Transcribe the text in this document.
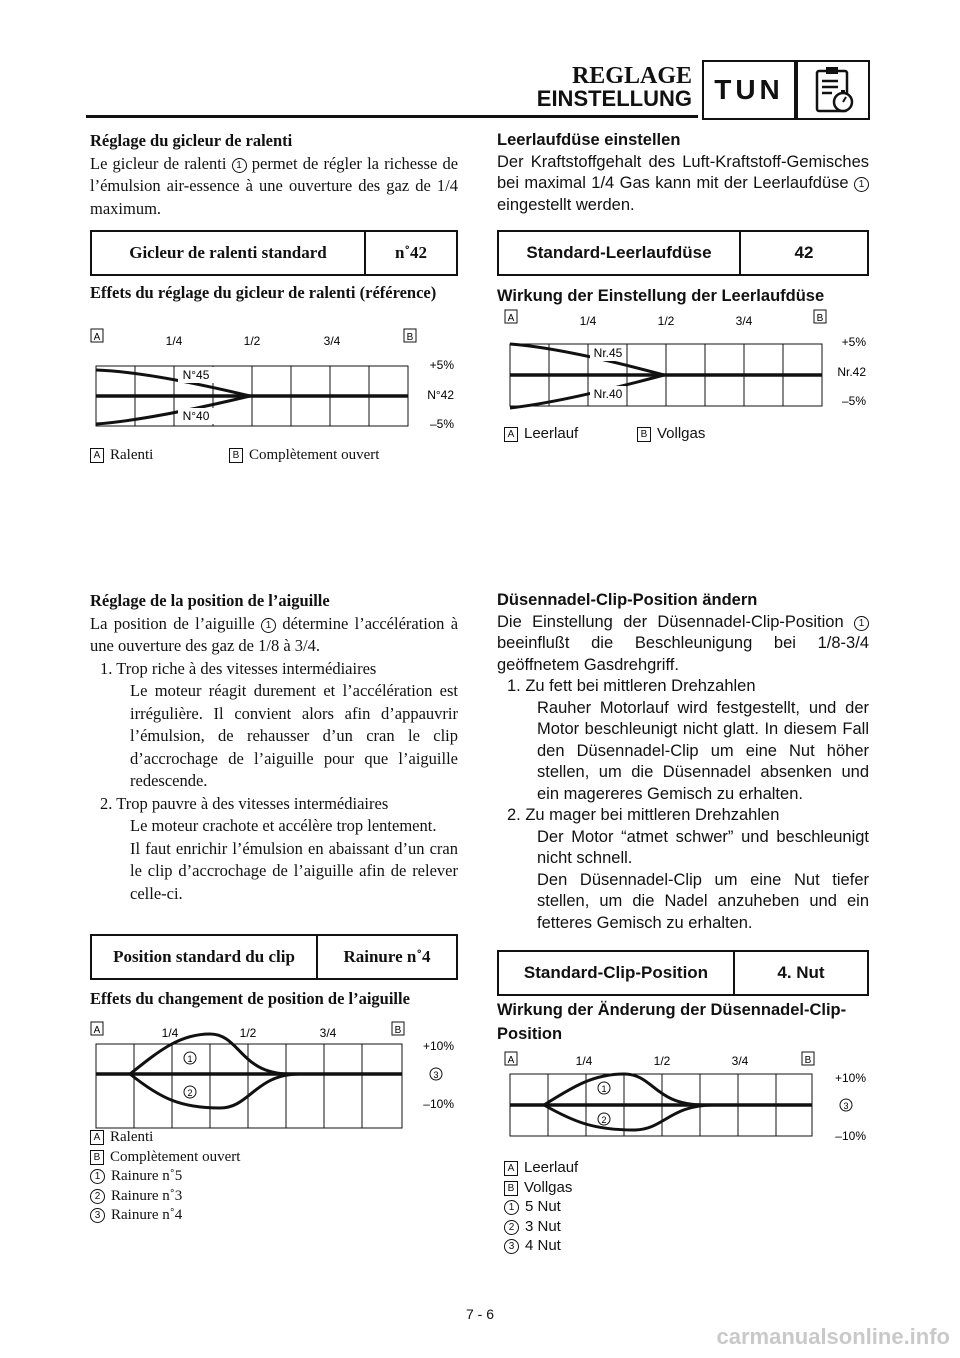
REGLAGE
EINSTELLUNG TUN
Réglage du gicleur de ralenti
Le gicleur de ralenti 1 permet de régler la richesse de l’émulsion air-essence à une ouverture des gaz de 1/4 maximum.
Gicleur de ralenti standard	n˚42
Effets du réglage du gicleur de ralenti (référence)
A	B
1/4	1/2	3/4
N°45
N°40
+5%
N°42
–5%
A Ralenti	B Complètement ouvert
Leerlaufdüse einstellen
Der Kraftstoffgehalt des Luft-Kraftstoff-Gemisches bei maximal 1/4 Gas kann mit der Leerlaufdüse 1 eingestellt werden.
Standard-Leerlaufdüse	42
Wirkung der Einstellung der Leerlaufdüse
A	B
1/4	1/2	3/4
Nr.45
Nr.40
+5%
Nr.42
–5%
A Leerlauf	B Vollgas
Réglage de la position de l’aiguille
La position de l’aiguille 1 détermine l’accélération à une ouverture des gaz de 1/8 à 3/4.
1. Trop riche à des vitesses intermédiaires
Le moteur réagit durement et l’accélération est irrégulière. Il convient alors afin d’appauvrir l’émulsion, de rehausser d’un cran le clip d’accrochage de l’aiguille pour que l’aiguille redescende.
2. Trop pauvre à des vitesses intermédiaires
Le moteur crachote et accélère trop lentement.
Il faut enrichir l’émulsion en abaissant d’un cran le clip d’accrochage de l’aiguille afin de relever celle-ci.
Position standard du clip	Rainure n˚4
Effets du changement de position de l’aiguille
A	B
1/4	1/2	3/4
1
2
3
+10%
–10%
A Ralenti
B Complètement ouvert
1 Rainure n˚5
2 Rainure n˚3
3 Rainure n˚4
Düsennadel-Clip-Position ändern
Die Einstellung der Düsennadel-Clip-Position 1 beeinflußt die Beschleunigung bei 1/8-3/4 geöffnetem Gasdrehgriff.
1. Zu fett bei mittleren Drehzahlen
Rauher Motorlauf wird festgestellt, und der Motor beschleunigt nicht glatt. In diesem Fall den Düsennadel-Clip um eine Nut höher stellen, um die Düsennadel absenken und ein magereres Gemisch zu erhalten.
2. Zu mager bei mittleren Drehzahlen
Der Motor “atmet schwer” und beschleunigt nicht schnell.
Den Düsennadel-Clip um eine Nut tiefer stellen, um die Nadel anzuheben und ein fetteres Gemisch zu erhalten.
Standard-Clip-Position	4. Nut
Wirkung der Änderung der Düsennadel-Clip-Position
A	B
1/4	1/2	3/4
1
2
3
+10%
–10%
A Leerlauf
B Vollgas
1 5 Nut
2 3 Nut
3 4 Nut
7 - 6
carmanualsonline.info
